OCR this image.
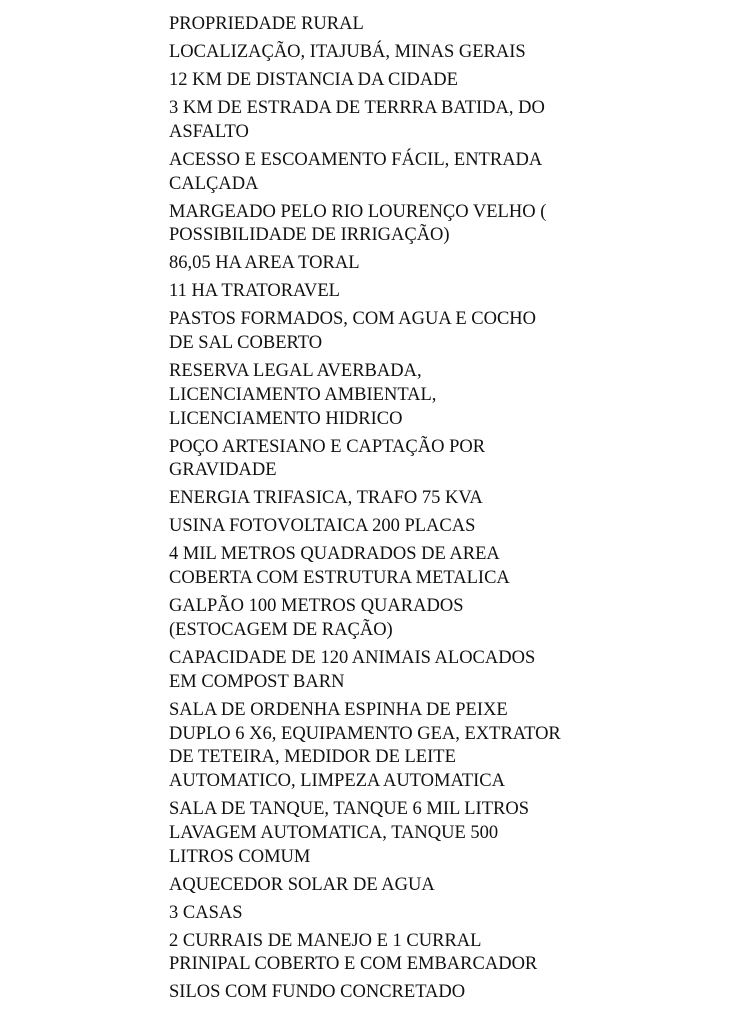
PROPRIEDADE RURAL
LOCALIZAÇÃO, ITAJUBÁ, MINAS GERAIS
12 KM DE DISTANCIA DA CIDADE
3 KM DE ESTRADA DE TERRRA BATIDA, DO
ASFALTO
ACESSO E ESCOAMENTO FÁCIL, ENTRADA
CALÇADA
MARGEADO PELO RIO LOURENÇO VELHO (
POSSIBILIDADE DE IRRIGAÇÃO)
86,05 HA AREA TORAL
11 HA TRATORAVEL
PASTOS FORMADOS, COM AGUA E COCHO
DE SAL COBERTO
RESERVA LEGAL AVERBADA,
LICENCIAMENTO AMBIENTAL,
LICENCIAMENTO HIDRICO
POÇO ARTESIANO E CAPTAÇÃO POR
GRAVIDADE
ENERGIA TRIFASICA, TRAFO 75 KVA
USINA FOTOVOLTAICA 200 PLACAS
4 MIL METROS QUADRADOS DE AREA
COBERTA COM ESTRUTURA METALICA
GALPÃO 100 METROS QUARADOS
(ESTOCAGEM DE RAÇÃO)
CAPACIDADE DE 120 ANIMAIS ALOCADOS
EM COMPOST BARN
SALA DE ORDENHA ESPINHA DE PEIXE
DUPLO 6 X6, EQUIPAMENTO GEA, EXTRATOR
DE TETEIRA, MEDIDOR DE LEITE
AUTOMATICO, LIMPEZA AUTOMATICA
SALA DE TANQUE, TANQUE 6 MIL LITROS
LAVAGEM AUTOMATICA, TANQUE 500
LITROS COMUM
AQUECEDOR SOLAR DE AGUA
3 CASAS
2 CURRAIS DE MANEJO E 1 CURRAL
PRINIPAL COBERTO E COM EMBARCADOR
SILOS COM FUNDO CONCRETADO
